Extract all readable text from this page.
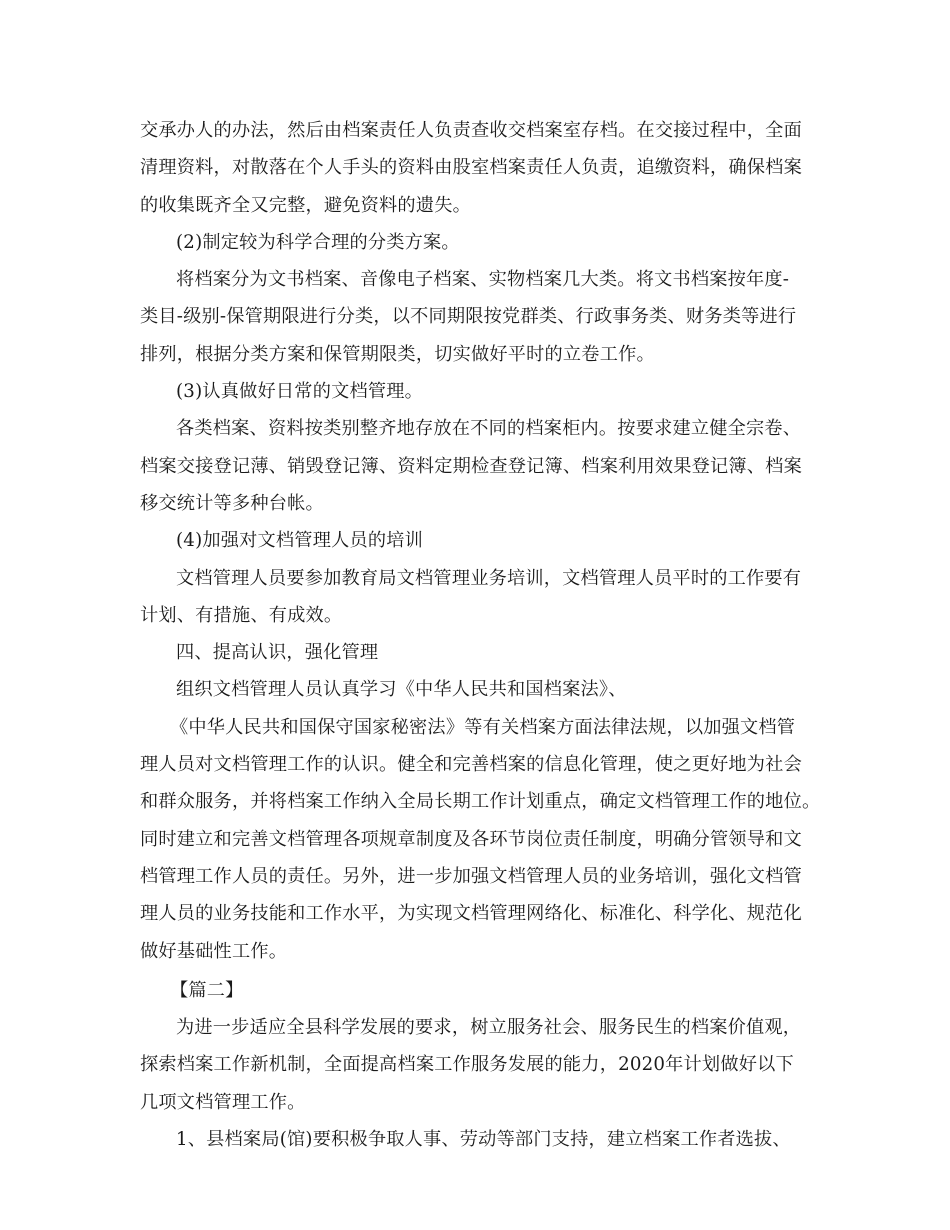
交承办人的办法，然后由档案责任人负责查收交档案室存档。在交接过程中，全面
清理资料，对散落在个人手头的资料由股室档案责任人负责，追缴资料，确保档案
的收集既齐全又完整，避免资料的遗失。
(2)制定较为科学合理的分类方案。
将档案分为文书档案、音像电子档案、实物档案几大类。将文书档案按年度-
类目-级别-保管期限进行分类，以不同期限按党群类、行政事务类、财务类等进行
排列，根据分类方案和保管期限类，切实做好平时的立卷工作。
(3)认真做好日常的文档管理。
各类档案、资料按类别整齐地存放在不同的档案柜内。按要求建立健全宗卷、
档案交接登记薄、销毁登记簿、资料定期检查登记簿、档案利用效果登记簿、档案
移交统计等多种台帐。
(4)加强对文档管理人员的培训
文档管理人员要参加教育局文档管理业务培训，文档管理人员平时的工作要有
计划、有措施、有成效。
四、提高认识，强化管理
组织文档管理人员认真学习《中华人民共和国档案法》、
《中华人民共和国保守国家秘密法》等有关档案方面法律法规，以加强文档管
理人员对文档管理工作的认识。健全和完善档案的信息化管理，使之更好地为社会
和群众服务，并将档案工作纳入全局长期工作计划重点，确定文档管理工作的地位。
同时建立和完善文档管理各项规章制度及各环节岗位责任制度，明确分管领导和文
档管理工作人员的责任。另外，进一步加强文档管理人员的业务培训，强化文档管
理人员的业务技能和工作水平，为实现文档管理网络化、标准化、科学化、规范化
做好基础性工作。
【篇二】
为进一步适应全县科学发展的要求，树立服务社会、服务民生的档案价值观，
探索档案工作新机制，全面提高档案工作服务发展的能力，2020年计划做好以下
几项文档管理工作。
1、县档案局(馆)要积极争取人事、劳动等部门支持，建立档案工作者选拔、
